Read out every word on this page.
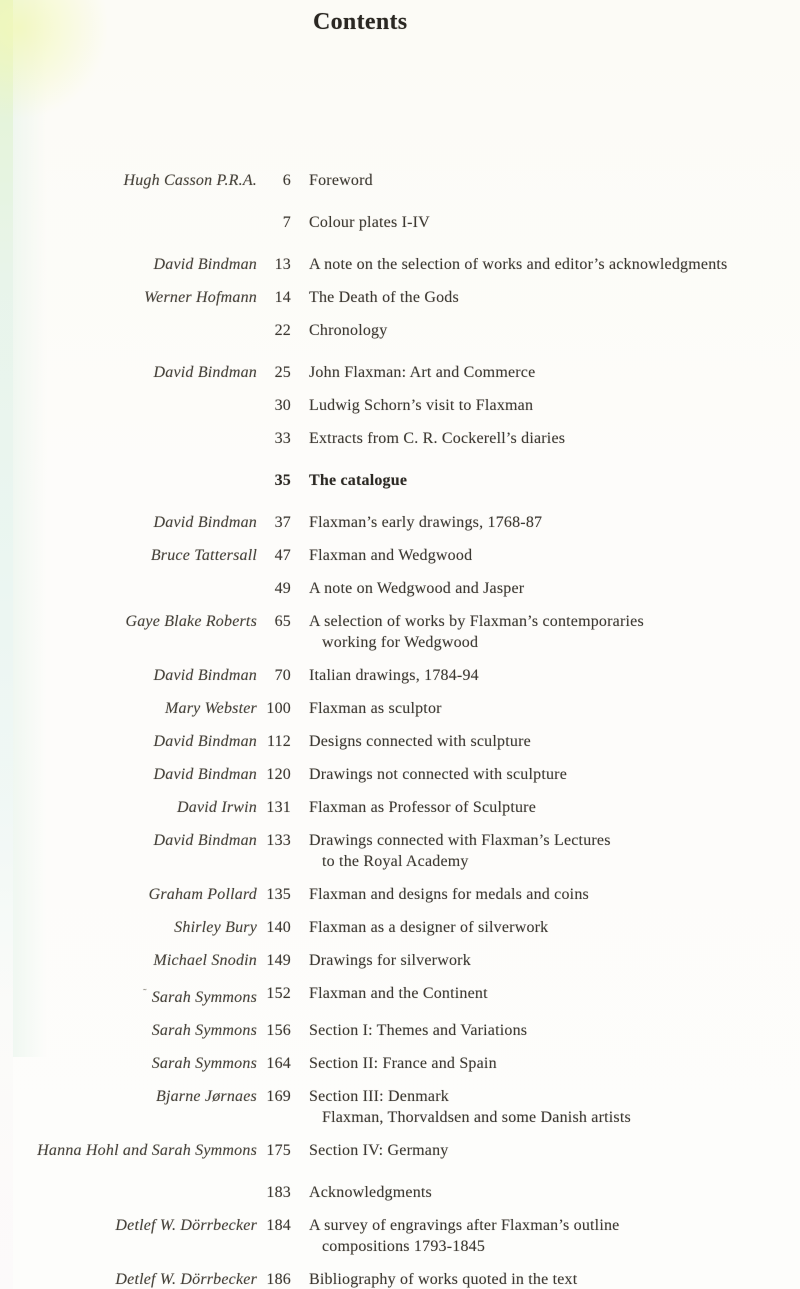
Contents
Hugh Casson P.R.A.	6	Foreword
7	Colour plates I-IV
David Bindman	13	A note on the selection of works and editor’s acknowledgments
Werner Hofmann	14	The Death of the Gods
22	Chronology
David Bindman	25	John Flaxman: Art and Commerce
30	Ludwig Schorn’s visit to Flaxman
33	Extracts from C. R. Cockerell’s diaries
35	The catalogue
David Bindman	37	Flaxman’s early drawings, 1768-87
Bruce Tattersall	47	Flaxman and Wedgwood
49	A note on Wedgwood and Jasper
Gaye Blake Roberts	65	A selection of works by Flaxman’s contemporaries
working for Wedgwood
David Bindman	70	Italian drawings, 1784-94
Mary Webster 100	Flaxman as sculptor
David Bindman 112	Designs connected with sculpture
David Bindman 120	Drawings not connected with sculpture
David Irwin 131	Flaxman as Professor of Sculpture
David Bindman 133	Drawings connected with Flaxman’s Lectures
to the Royal Academy
Graham Pollard 135	Flaxman and designs for medals and coins
Shirley Bury 140	Flaxman as a designer of silverwork
Michael Snodin 149	Drawings for silverwork
˜ Sarah Symmons 152	Flaxman and the Continent
Sarah Symmons 156	Section I: Themes and Variations
Sarah Symmons 164	Section II: France and Spain
Bjarne Jørnaes 169	Section III: Denmark
Flaxman, Thorvaldsen and some Danish artists
Hanna Hohl and Sarah Symmons 175	Section IV: Germany
183	Acknowledgments
Detlef W. Dörrbecker 184	A survey of engravings after Flaxman’s outline
compositions 1793-1845
Detlef W. Dörrbecker 186	Bibliography of works quoted in the text
